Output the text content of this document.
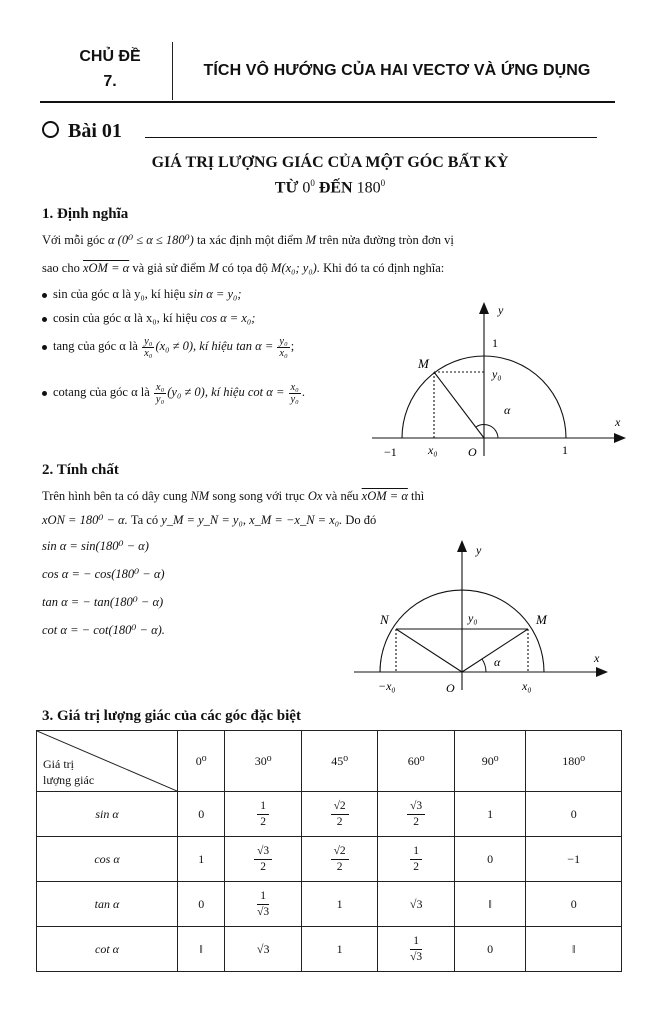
CHỦ ĐỀ
7.
TÍCH VÔ HƯỚNG CỦA HAI VECTƠ VÀ ỨNG DỤNG
Bài 01
GIÁ TRỊ LƯỢNG GIÁC CỦA MỘT GÓC BẤT KỲ
TỪ $0^0$ ĐẾN $180^0$
1. Định nghĩa
Với mỗi góc α (0⁰ ≤ α ≤ 180⁰) ta xác định một điểm M trên nửa đường tròn đơn vị
sao cho xOM = α và giả sử điểm M có tọa độ M(x₀; y₀). Khi đó ta có định nghĩa:
sin của góc α là y₀, kí hiệu sin α = y₀;
cosin của góc α là x₀, kí hiệu cos α = x₀;
tang của góc α là $\frac{\text{y₀}}{\text{x₀}} (x_0 \ne 0)$, kí hiệu $\tan \alpha = \frac{\text{y₀}}{\text{x₀}}$ ;
cotang của góc α là $\frac{\text{x₀}}{\text{y₀}} (y_0 \ne 0)$, kí hiệu $\cot \alpha = \frac{\text{x₀}}{\text{y₀}}$ .
y
x
1
M
y₀
α
−1	x₀	O	1
2. Tính chất
Trên hình bên ta có dây cung NM song song với trục Ox và nếu xOM = α thì
xON = 180⁰ − α. Ta có y_M = y_N = y₀, x_M = −x_N = x₀. Do đó
sin α = sin(180⁰ − α)
cos α = − cos(180⁰ − α)
tan α = − tan(180⁰ − α)
cot α = − cot(180⁰ − α).
y
x
N	M
y₀
α
−x₀	O	x₀
3. Giá trị lượng giác của các góc đặc biệt
Giá trị
lượng giác	0⁰	30⁰	45⁰	60⁰	90⁰	180⁰
sin α	0	$\frac{1}{2}$	$\frac{√2}{2}$	$\frac{√3}{2}$	1	0
cos α	1	$\frac{√3}{2}$	$\frac{√2}{2}$	$\frac{1}{2}$	0	−1
tan α	0	$\frac{1}{√3}$	1	√3	‖	0
cot α	‖	√3	1	$\frac{1}{√3}$	0	‖
